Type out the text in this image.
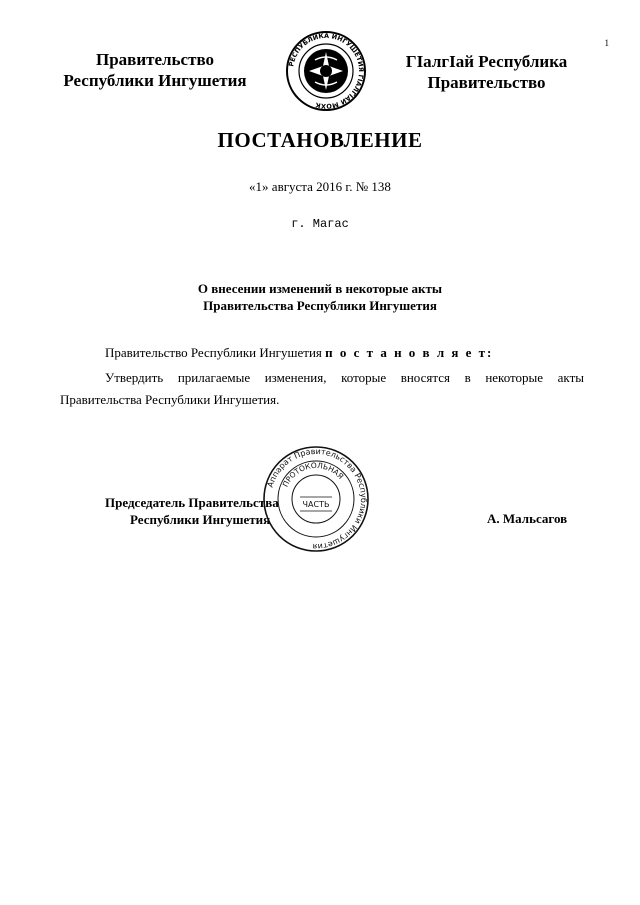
1
Правительство
Республики Ингушетия
РЕСПУБЛИКА ИНГУШЕТИЯ ГIАЛГIАЙ МОХК
ГIалгIай Республика
Правительство
ПОСТАНОВЛЕНИЕ
«1» августа 2016 г. № 138
г. Магас
О внесении изменений в некоторые акты
Правительства Республики Ингушетия
Правительство Республики Ингушетия п о с т а н о в л я е т:
Утвердить прилагаемые изменения, которые вносятся в некоторые акты Правительства Республики Ингушетия.
Председатель Правительства
Республики Ингушетия	А. Мальсагов
Аппарат Правительства Республики Ингушетия
ПРОТОКОЛЬНАЯ
ЧАСТЬ
